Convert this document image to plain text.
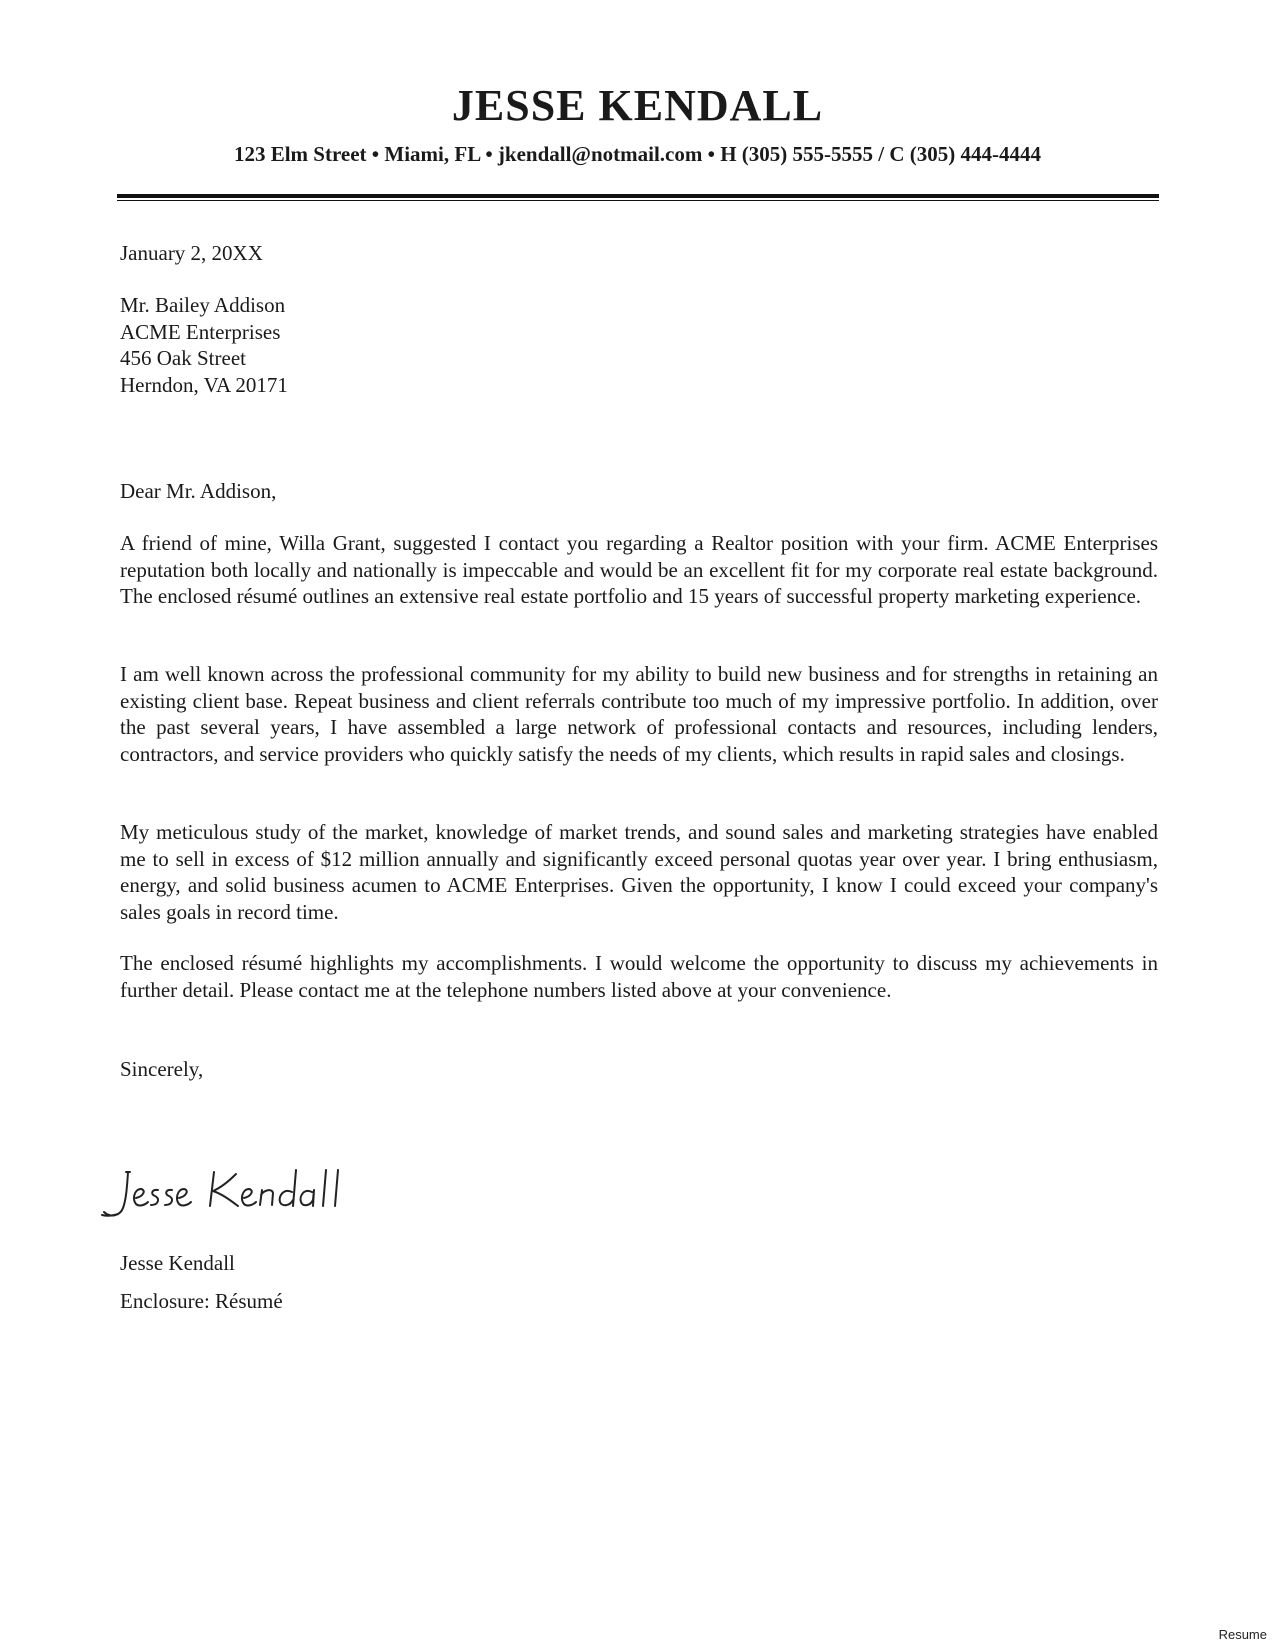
JESSE KENDALL
123 Elm Street • Miami, FL • jkendall@notmail.com • H (305) 555-5555 / C (305) 444-4444
January 2, 20XX
Mr. Bailey Addison
ACME Enterprises
456 Oak Street
Herndon, VA 20171
Dear Mr. Addison,

A friend of mine, Willa Grant, suggested I contact you regarding a Realtor position with your firm. ACME Enterprises reputation both locally and nationally is impeccable and would be an excellent fit for my corporate real estate background. The enclosed résumé outlines an extensive real estate portfolio and 15 years of successful property marketing experience.

I am well known across the professional community for my ability to build new business and for strengths in retaining an existing client base. Repeat business and client referrals contribute too much of my impressive portfolio. In addition, over the past several years, I have assembled a large network of professional contacts and resources, including lenders, contractors, and service providers who quickly satisfy the needs of my clients, which results in rapid sales and closings.

My meticulous study of the market, knowledge of market trends, and sound sales and marketing strategies have enabled me to sell in excess of $12 million annually and significantly exceed personal quotas year over year. I bring enthusiasm, energy, and solid business acumen to ACME Enterprises. Given the opportunity, I know I could exceed your company's sales goals in record time.

The enclosed résumé highlights my accomplishments. I would welcome the opportunity to discuss my achievements in further detail. Please contact me at the telephone numbers listed above at your convenience.

Sincerely,
Jesse Kendall
Enclosure: Résumé
Resume
